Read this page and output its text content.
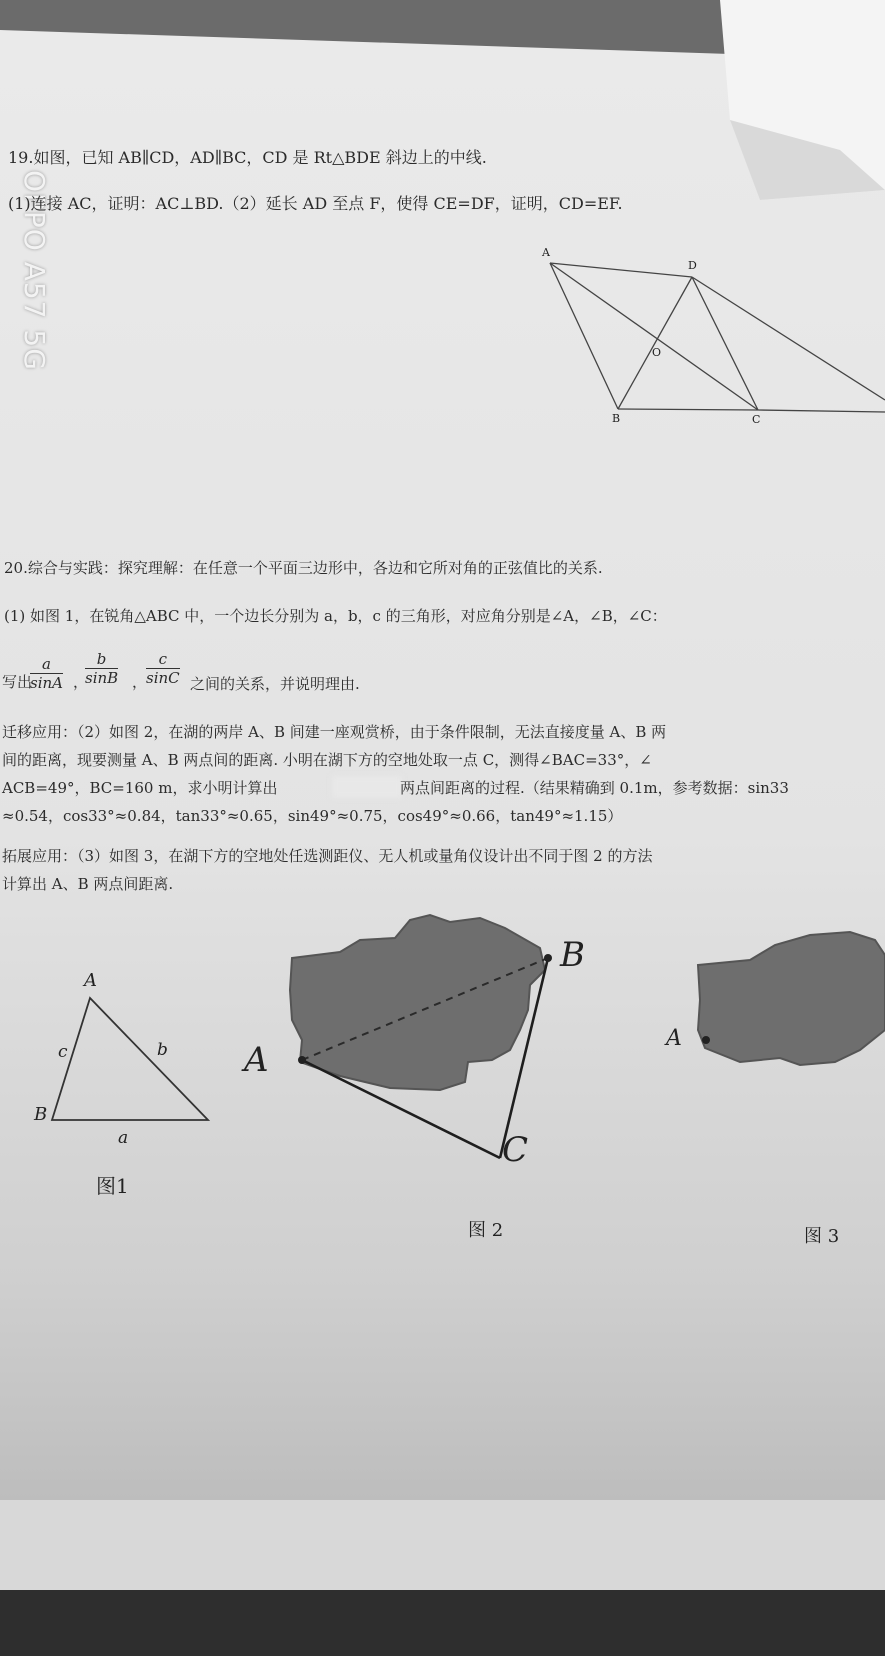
OPPO A57 5G
19.如图，已知 AB∥CD，AD∥BC，CD 是 Rt△BDE 斜边上的中线.
(1)连接 AC，证明：AC⊥BD.（2）延长 AD 至点 F，使得 CE=DF，证明，CD=EF.
A
D
O
B	C
20.综合与实践：探究理解：在任意一个平面三边形中，各边和它所对角的正弦值比的关系.
(1) 如图 1，在锐角△ABC 中，一个边长分别为 a，b，c 的三角形，对应角分别是∠A，∠B，∠C：
写出
$\frac{a}{\sin A}$ ，
$\frac{b}{\sin B}$ ，
$\frac{c}{\sin C}$ 之间的关系，并说明理由.
迁移应用：（2）如图 2，在湖的两岸 A、B 间建一座观赏桥，由于条件限制，无法直接度量 A、B 两
间的距离，现要测量 A、B 两点间的距离. 小明在湖下方的空地处取一点 C，测得∠BAC=33°，∠
ACB=49°，BC=160 m，求小明计算出	两点间距离的过程.（结果精确到 0.1m，参考数据：sin33
≈0.54，cos33°≈0.84，tan33°≈0.65，sin49°≈0.75，cos49°≈0.66，tan49°≈1.15）
拓展应用：（3）如图 3，在湖下方的空地处任选测距仪、无人机或量角仪设计出不同于图 2 的方法
计算出 A、B 两点间距离.
A
B
c	b
a
图1
A
B
C
图 2
A
图 3
